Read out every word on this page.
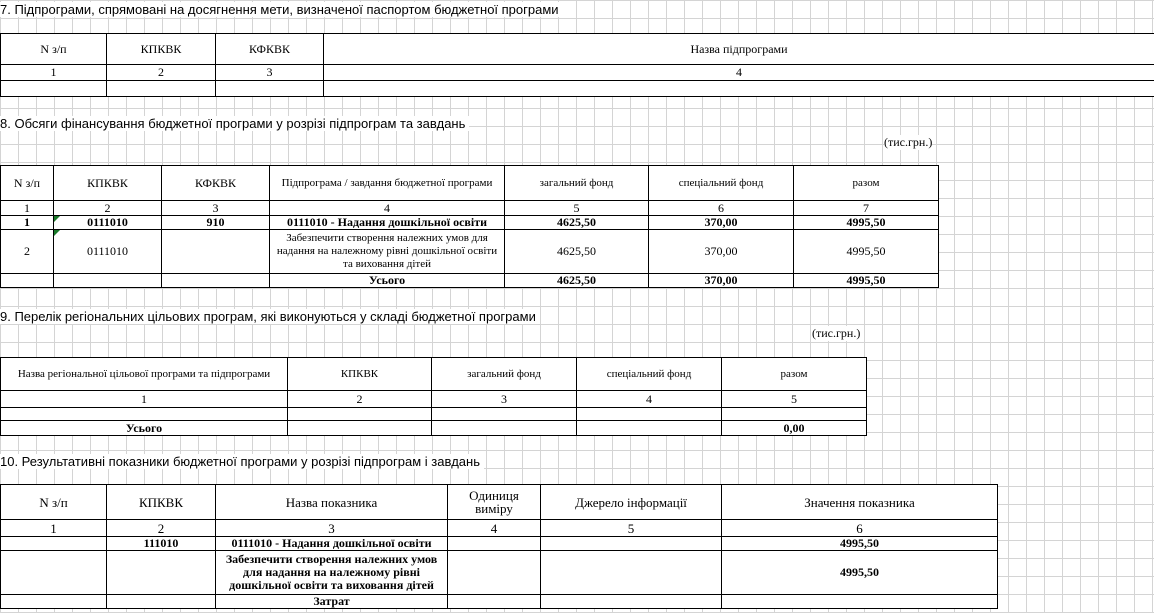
7. Підпрограми, спрямовані на досягнення мети, визначеної паспортом бюджетної програми
N з/п	КПКВК	КФКВК	Назва підпрограми
1	2	3	4

8. Обсяги фінансування бюджетної програми у розрізі підпрограм та завдань
(тис.грн.)
N з/п	КПКВК	КФКВК	Підпрограма / завдання бюджетної програми	загальний фонд	спеціальний фонд	разом
1	2	3	4	5	6	7
1	0111010	910	0111010 - Надання дошкільної освіти	4625,50	370,00	4995,50
2	0111010		Забезпечити створення належних умов для надання на належному рівні дошкільної освіти та виховання дітей	4625,50	370,00	4995,50
			Усього	4625,50	370,00	4995,50
9. Перелік регіональних цільових програм, які виконуються у складі бюджетної програми
(тис.грн.)
Назва регіональної цільової програми та підпрограми	КПКВК	загальний фонд	спеціальний фонд	разом
1	2	3	4	5

Усього				0,00
10. Результативні показники бюджетної програми у розрізі підпрограм і завдань
N з/п	КПКВК	Назва показника	Одиниця виміру	Джерело інформації	Значення показника
1	2	3	4	5	6
	111010	0111010 - Надання дошкільної освіти			4995,50
		Забезпечити створення належних умов для надання на належному рівні дошкільної освіти та виховання дітей			4995,50
		Затрат			
